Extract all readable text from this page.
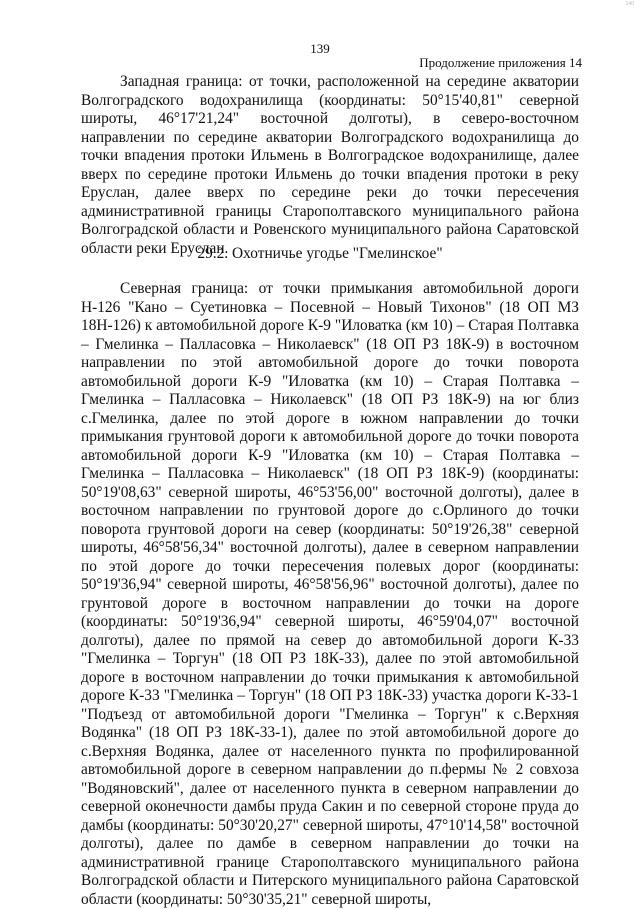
140
139
Продолжение приложения 14

Западная граница: от точки, расположенной на середине акватории Волгоградского водохранилища (координаты: 50°15'40,81" северной широты, 46°17'21,24" восточной долготы), в северо-восточном направлении по середине акватории Волгоградского водохранилища до точки впадения протоки Ильмень в Волгоградское водохранилище, далее вверх по середине протоки Ильмень до точки впадения протоки в реку Еруслан, далее вверх по середине реки до точки пересечения административной границы Старополтавского муниципального района Волгоградской области и Ровенского муниципального района Саратовской области реки Еруслан.

29.2. Охотничье угодье "Гмелинское"

Северная граница: от точки примыкания автомобильной дороги Н-126 "Кано – Суетиновка – Посевной – Новый Тихонов" (18 ОП МЗ 18Н-126) к автомобильной дороге К-9 "Иловатка (км 10) – Старая Полтавка – Гмелинка – Палласовка – Николаевск" (18 ОП РЗ 18К-9) в восточном направлении по этой автомобильной дороге до точки поворота автомобильной дороги К-9 "Иловатка (км 10) – Старая Полтавка – Гмелинка – Палласовка – Николаевск" (18 ОП РЗ 18К-9) на юг близ с.Гмелинка, далее по этой дороге в южном направлении до точки примыкания грунтовой дороги к автомобильной дороге до точки поворота автомобильной дороги К-9 "Иловатка (км 10) – Старая Полтавка – Гмелинка – Палласовка – Николаевск" (18 ОП РЗ 18К-9) (координаты: 50°19'08,63" северной широты, 46°53'56,00" восточной долготы), далее в восточном направлении по грунтовой дороге до с.Орлиного до точки поворота грунтовой дороги на север (координаты: 50°19'26,38" северной широты, 46°58'56,34" восточной долготы), далее в северном направлении по этой дороге до точки пересечения полевых дорог (координаты: 50°19'36,94" северной широты, 46°58'56,96" восточной долготы), далее по грунтовой дороге в восточном направлении до точки на дороге (координаты: 50°19'36,94" северной широты, 46°59'04,07" восточной долготы), далее по прямой на север до автомобильной дороги К-33 "Гмелинка – Торгун" (18 ОП РЗ 18К-33), далее по этой автомобильной дороге в восточном направлении до точки примыкания к автомобильной дороге К-33 "Гмелинка – Торгун" (18 ОП РЗ 18К-33) участка дороги К-33-1 "Подъезд от автомобильной дороги "Гмелинка – Торгун" к с.Верхняя Водянка" (18 ОП РЗ 18К-33-1), далее по этой автомобильной дороге до с.Верхняя Водянка, далее от населенного пункта по профилированной автомобильной дороге в северном направлении до п.фермы № 2 совхоза "Водяновский", далее от населенного пункта в северном направлении до северной оконечности дамбы пруда Сакин и по северной стороне пруда до дамбы (координаты: 50°30'20,27" северной широты, 47°10'14,58" восточной долготы), далее по дамбе в северном направлении до точки на административной границе Старополтавского муниципального района Волгоградской области и Питерского муниципального района Саратовской области (координаты: 50°30'35,21" северной широты,
